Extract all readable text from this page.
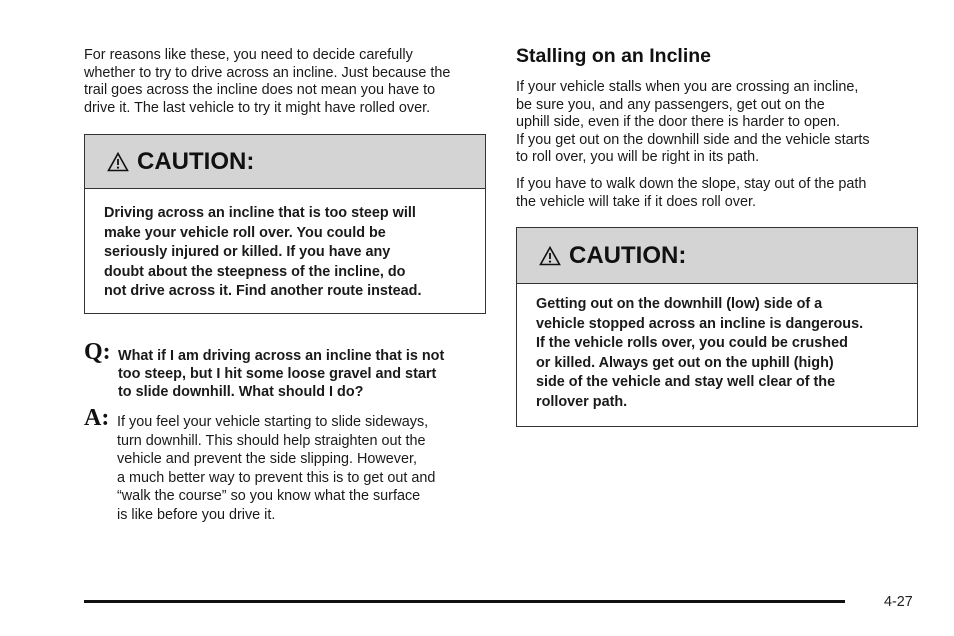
For reasons like these, you need to decide carefully
whether to try to drive across an incline. Just because the
trail goes across the incline does not mean you have to
drive it. The last vehicle to try it might have rolled over.

CAUTION:
Driving across an incline that is too steep will
make your vehicle roll over. You could be
seriously injured or killed. If you have any
doubt about the steepness of the incline, do
not drive across it. Find another route instead.
Q: What if I am driving across an incline that is not
too steep, but I hit some loose gravel and start
to slide downhill. What should I do?

A: If you feel your vehicle starting to slide sideways,
turn downhill. This should help straighten out the
vehicle and prevent the side slipping. However,
a much better way to prevent this is to get out and
“walk the course” so you know what the surface
is like before you drive it.

Stalling on an Incline

If your vehicle stalls when you are crossing an incline,
be sure you, and any passengers, get out on the
uphill side, even if the door there is harder to open.
If you get out on the downhill side and the vehicle starts
to roll over, you will be right in its path.

If you have to walk down the slope, stay out of the path
the vehicle will take if it does roll over.

CAUTION:
Getting out on the downhill (low) side of a
vehicle stopped across an incline is dangerous.
If the vehicle rolls over, you could be crushed
or killed. Always get out on the uphill (high)
side of the vehicle and stay well clear of the
rollover path.
4-27
